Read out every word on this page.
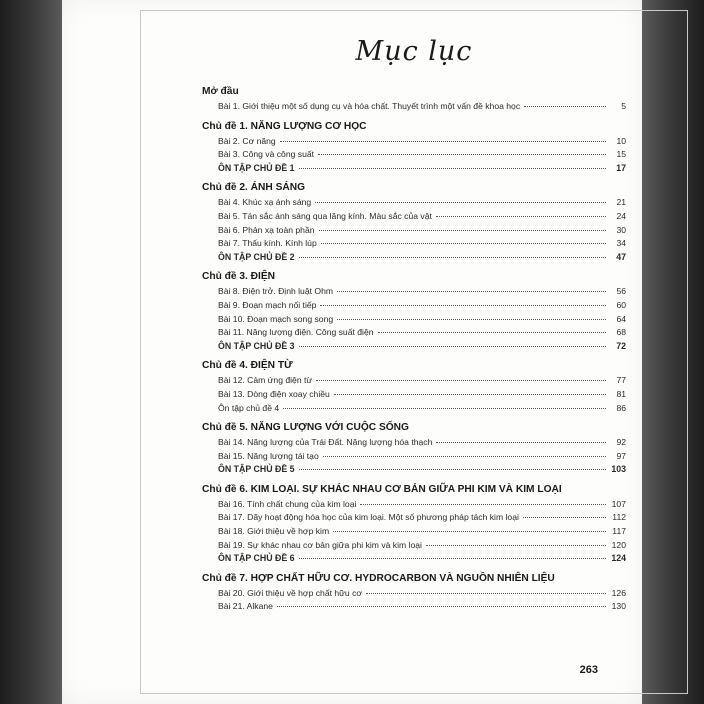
Mục lục
Mở đầu
Bài 1. Giới thiệu một số dụng cụ và hóa chất. Thuyết trình một vấn đề khoa học	5
Chủ đề 1. NĂNG LƯỢNG CƠ HỌC
Bài 2. Cơ năng	10
Bài 3. Công và công suất	15
ÔN TẬP CHỦ ĐỀ 1	17
Chủ đề 2. ÁNH SÁNG
Bài 4. Khúc xạ ánh sáng	21
Bài 5. Tán sắc ánh sáng qua lăng kính. Màu sắc của vật	24
Bài 6. Phản xạ toàn phần	30
Bài 7. Thấu kính. Kính lúp	34
ÔN TẬP CHỦ ĐỀ 2	47
Chủ đề 3. ĐIỆN
Bài 8. Điện trở. Định luật Ohm	56
Bài 9. Đoạn mạch nối tiếp	60
Bài 10. Đoạn mạch song song	64
Bài 11. Năng lượng điện. Công suất điện	68
ÔN TẬP CHỦ ĐỀ 3	72
Chủ đề 4. ĐIỆN TỪ
Bài 12. Cảm ứng điện từ	77
Bài 13. Dòng điện xoay chiều	81
Ôn tập chủ đề 4	86
Chủ đề 5. NĂNG LƯỢNG VỚI CUỘC SỐNG
Bài 14. Năng lượng của Trái Đất. Năng lượng hóa thạch	92
Bài 15. Năng lượng tái tạo	97
ÔN TẬP CHỦ ĐỀ 5	103
Chủ đề 6. KIM LOẠI. SỰ KHÁC NHAU CƠ BẢN GIỮA PHI KIM VÀ KIM LOẠI
Bài 16. Tính chất chung của kim loại	107
Bài 17. Dãy hoạt động hóa học của kim loại. Một số phương pháp tách kim loại	112
Bài 18. Giới thiệu về hợp kim	117
Bài 19. Sự khác nhau cơ bản giữa phi kim và kim loại	120
ÔN TẬP CHỦ ĐỀ 6	124
Chủ đề 7. HỢP CHẤT HỮU CƠ. HYDROCARBON VÀ NGUỒN NHIÊN LIỆU
Bài 20. Giới thiệu về hợp chất hữu cơ	126
Bài 21. Alkane	130
263
